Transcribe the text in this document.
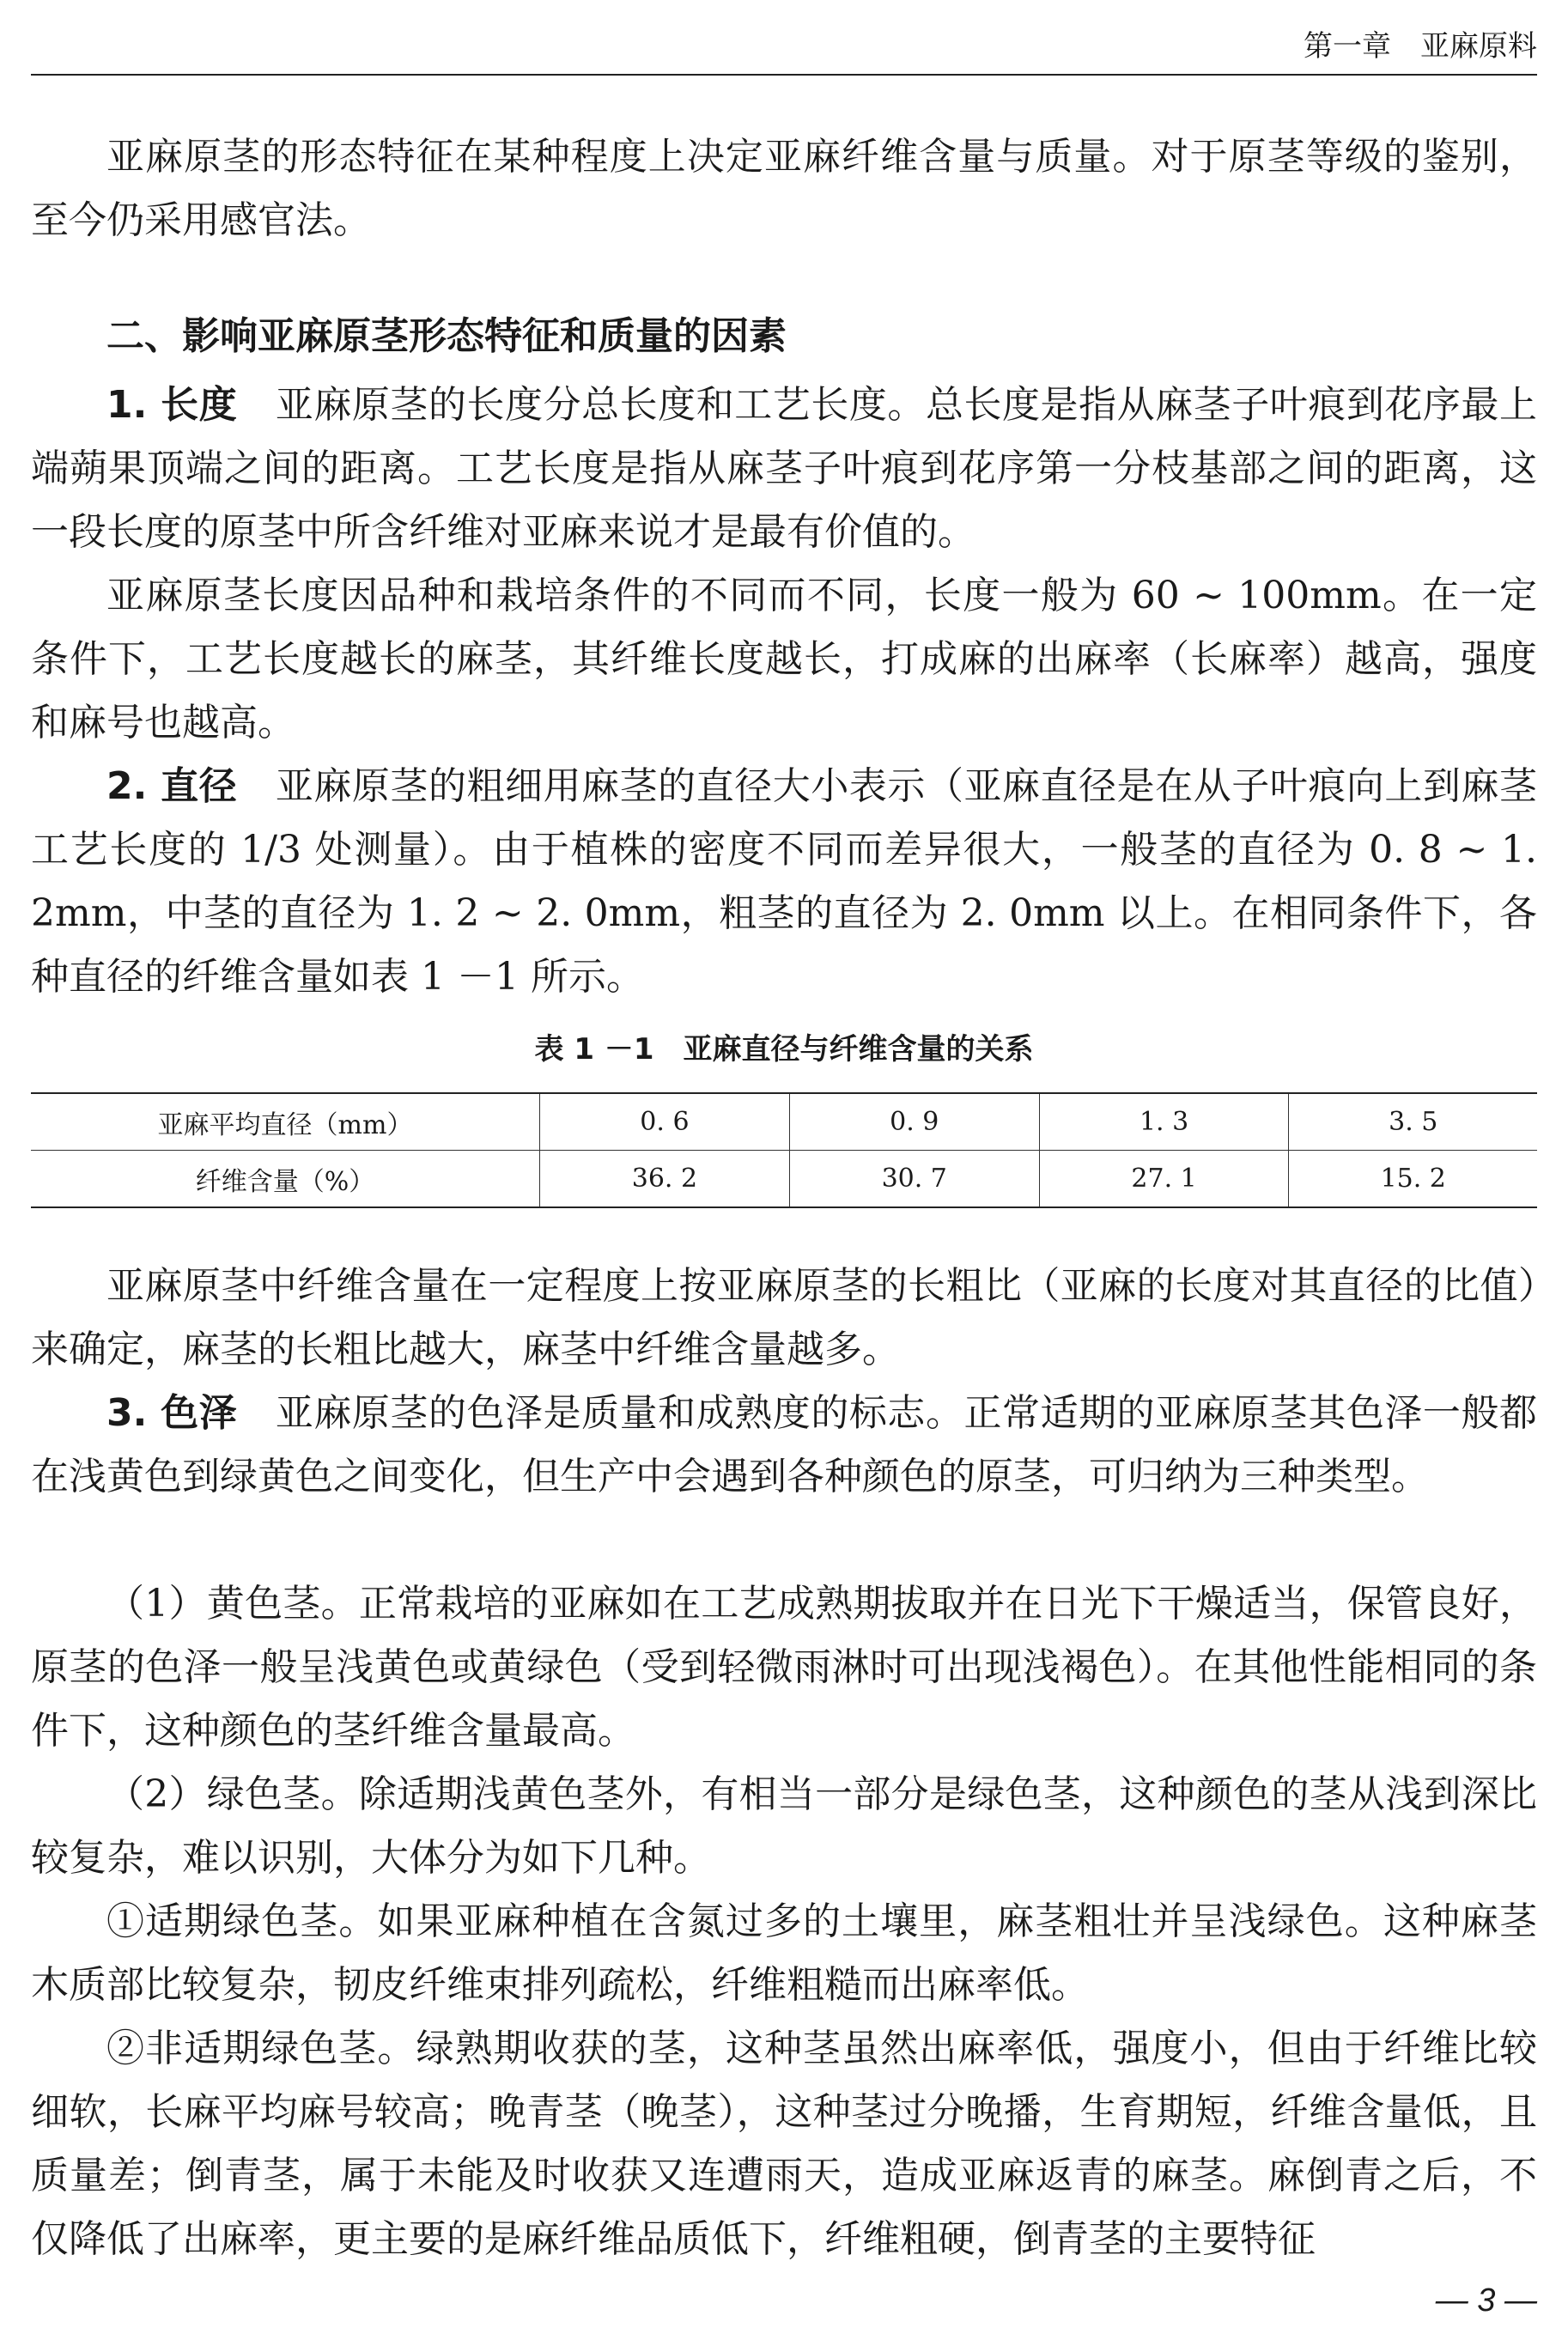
第一章　亚麻原料

亚麻原茎的形态特征在某种程度上决定亚麻纤维含量与质量。对于原茎等级的鉴别，至今仍采用感官法。

二、影响亚麻原茎形态特征和质量的因素

1. 长度　 亚麻原茎的长度分总长度和工艺长度。总长度是指从麻茎子叶痕到花序最上端蒴果顶端之间的距离。工艺长度是指从麻茎子叶痕到花序第一分枝基部之间的距离，这一段长度的原茎中所含纤维对亚麻来说才是最有价值的。

亚麻原茎长度因品种和栽培条件的不同而不同，长度一般为 60 ~ 100mm。在一定条件下，工艺长度越长的麻茎，其纤维长度越长，打成麻的出麻率（长麻率）越高，强度和麻号也越高。

2. 直径　 亚麻原茎的粗细用麻茎的直径大小表示（亚麻直径是在从子叶痕向上到麻茎工艺长度的 1/3 处测量）。由于植株的密度不同而差异很大，一般茎的直径为 0. 8 ~ 1. 2mm，中茎的直径为 1. 2 ~ 2. 0mm，粗茎的直径为 2. 0mm 以上。在相同条件下，各种直径的纤维含量如表 1 －1 所示。

表 1 －1　亚麻直径与纤维含量的关系
亚麻平均直径（mm）	0. 6	0. 9	1. 3	3. 5
纤维含量（%）	36. 2	30. 7	27. 1	15. 2

亚麻原茎中纤维含量在一定程度上按亚麻原茎的长粗比（亚麻的长度对其直径的比值）来确定，麻茎的长粗比越大，麻茎中纤维含量越多。

3. 色泽　 亚麻原茎的色泽是质量和成熟度的标志。正常适期的亚麻原茎其色泽一般都在浅黄色到绿黄色之间变化，但生产中会遇到各种颜色的原茎，可归纳为三种类型。

（1）黄色茎。正常栽培的亚麻如在工艺成熟期拔取并在日光下干燥适当，保管良好，原茎的色泽一般呈浅黄色或黄绿色（受到轻微雨淋时可出现浅褐色）。在其他性能相同的条件下，这种颜色的茎纤维含量最高。

（2）绿色茎。除适期浅黄色茎外，有相当一部分是绿色茎，这种颜色的茎从浅到深比较复杂，难以识别，大体分为如下几种。

①适期绿色茎。如果亚麻种植在含氮过多的土壤里，麻茎粗壮并呈浅绿色。这种麻茎木质部比较复杂，韧皮纤维束排列疏松，纤维粗糙而出麻率低。

②非适期绿色茎。绿熟期收获的茎，这种茎虽然出麻率低，强度小，但由于纤维比较细软，长麻平均麻号较高；晚青茎（晚茎），这种茎过分晚播，生育期短，纤维含量低，且质量差；倒青茎，属于未能及时收获又连遭雨天，造成亚麻返青的麻茎。麻倒青之后，不仅降低了出麻率，更主要的是麻纤维品质低下，纤维粗硬，倒青茎的主要特征

— 3 —
